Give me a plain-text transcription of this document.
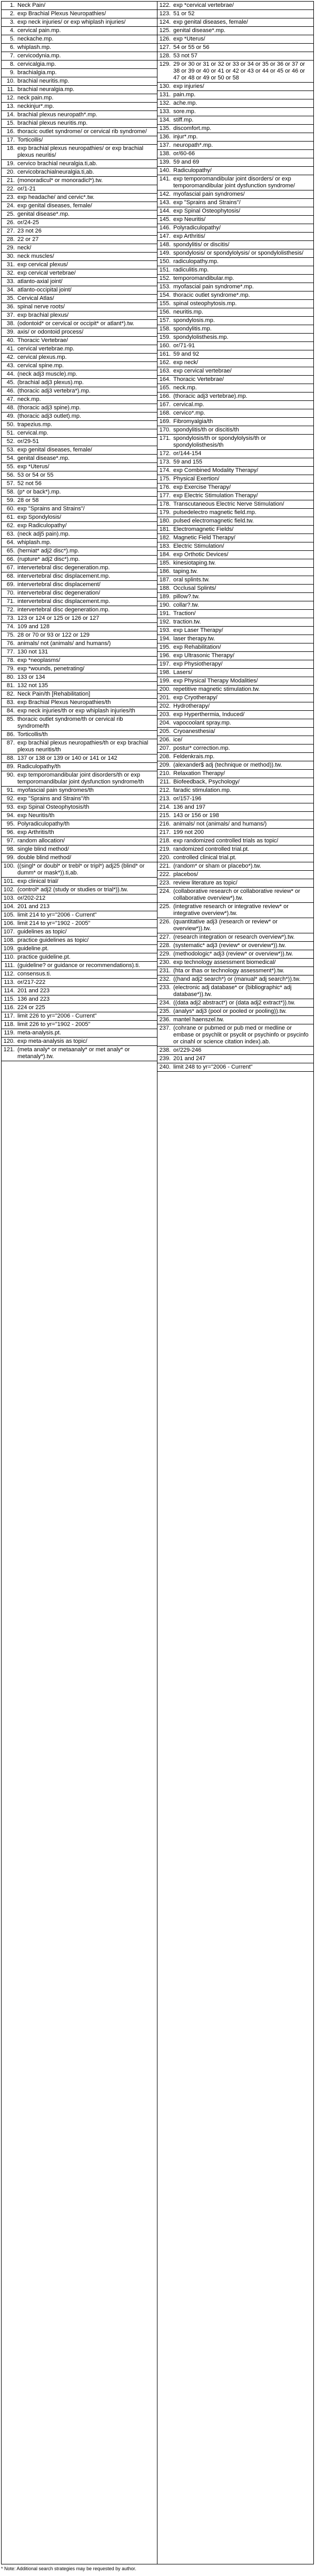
1. Neck Pain/
2. exp Brachial Plexus Neuropathies/
3. exp neck injuries/ or exp whiplash injuries/
4. cervical pain.mp.
5. neckache.mp.
6. whiplash.mp.
7. cervicodynia.mp.
8. cervicalgia.mp.
9. brachialgia.mp.
10. brachial neuritis.mp.
11. brachial neuralgia.mp.
12. neck pain.mp.
13. neckinjur*.mp.
14. brachial plexus neuropath*.mp.
15. brachial plexus neuritis.mp.
16. thoracic outlet syndrome/ or cervical rib syndrome/
17. Torticollis/
18. exp brachial plexus neuropathies/ or exp brachial plexus neuritis/
19. cervico brachial neuralgia.ti,ab.
20. cervicobrachialneuralgia.ti,ab.
21. (monoradicul* or monoradicl*).tw.
22. or/1-21
23. exp headache/ and cervic*.tw.
24. exp genital diseases, female/
25. genital disease*.mp.
26. or/24-25
27. 23 not 26
28. 22 or 27
29. neck/
30. neck muscles/
31. exp cervical plexus/
32. exp cervical vertebrae/
33. atlanto-axial joint/
34. atlanto-occipital joint/
35. Cervical Atlas/
36. spinal nerve roots/
37. exp brachial plexus/
38. (odontoid* or cervical or occipit* or atlant*).tw.
39. axis/ or odontoid process/
40. Thoracic Vertebrae/
41. cervical vertebrae.mp.
42. cervical plexus.mp.
43. cervical spine.mp.
44. (neck adj3 muscle).mp.
45. (brachial adj3 plexus).mp.
46. (thoracic adj3 vertebra*).mp.
47. neck.mp.
48. (thoracic adj3 spine).mp.
49. (thoracic adj3 outlet).mp.
50. trapezius.mp.
51. cervical.mp.
52. or/29-51
53. exp genital diseases, female/
54. genital disease*.mp.
55. exp *Uterus/
56. 53 or 54 or 55
57. 52 not 56
58. (p* or back*).mp.
59. 28 or 58
60. exp "Sprains and Strains"/
61. exp Spondylosis/
62. exp Radiculopathy/
63. (neck adj5 pain).mp.
64. whiplash.mp.
65. (herniat* adj2 disc*).mp.
66. (rupture* adj2 disc*).mp.
67. intervertebral disc degeneration.mp.
68. intervertebral disc displacement.mp.
69. intervertebral disc displacement/
70. intervertebral disc degeneration/
71. intervertebral disc displacement.mp.
72. intervertebral disc degeneration.mp.
73. 123 or 124 or 125 or 126 or 127
74. 109 and 128
75. 28 or 70 or 93 or 122 or 129
76. animals/ not (animals/ and humans/)
77. 130 not 131
78. exp *neoplasms/
79. exp *wounds, penetrating/
80. 133 or 134
81. 132 not 135
82. Neck Pain/th [Rehabilitation]
83. exp Brachial Plexus Neuropathies/th
84. exp neck injuries/th or exp whiplash injuries/th
85. thoracic outlet syndrome/th or cervical rib syndrome/th
86. Torticollis/th
87. exp brachial plexus neuropathies/th or exp brachial plexus neuritis/th
88. 137 or 138 or 139 or 140 or 141 or 142
89. Radiculopathy/th
90. exp temporomandibular joint disorders/th or exp temporomandibular joint dysfunction syndrome/th
91. myofascial pain syndromes/th
92. exp "Sprains and Strains"/th
93. exp Spinal Osteophytosis/th
94. exp Neuritis/th
95. Polyradiculopathy/th
96. exp Arthritis/th
97. random allocation/
98. single blind method/
99. double blind method/
100. ((singl* or doubl* or trebl* or tripl*) adj25 (blind* or dumm* or mask*)).ti,ab.
101. exp clinical trial/
102. (control* adj2 (study or studies or trial*)).tw.
103. or/202-212
104. 201 and 213
105. limit 214 to yr="2006 - Current"
106. limit 214 to yr="1902 - 2005"
107. guidelines as topic/
108. practice guidelines as topic/
109. guideline.pt.
110. practice guideline.pt.
111. (guideline? or guidance or recommendations).ti.
112. consensus.ti.
113. or/217-222
114. 201 and 223
115. 136 and 223
116. 224 or 225
117. limit 226 to yr="2006 - Current"
118. limit 226 to yr="1902 - 2005"
119. meta-analysis.pt.
120. exp meta-analysis as topic/
121. (meta analy* or metaanaly* or met analy* or metanaly*).tw.
122. exp *cervical vertebrae/
123. 51 or 52
124. exp genital diseases, female/
125. genital disease*.mp.
126. exp *Uterus/
127. 54 or 55 or 56
128. 53 not 57
129. 29 or 30 or 31 or 32 or 33 or 34 or 35 or 36 or 37 or 38 or 39 or 40 or 41 or 42 or 43 or 44 or 45 or 46 or 47 or 48 or 49 or 50 or 58
130. exp injuries/
131. pain.mp.
132. ache.mp.
133. sore.mp.
134. stiff.mp.
135. discomfort.mp.
136. injur*.mp.
137. neuropath*.mp.
138. or/60-66
139. 59 and 69
140. Radiculopathy/
141. exp temporomandibular joint disorders/ or exp temporomandibular joint dysfunction syndrome/
142. myofascial pain syndromes/
143. exp "Sprains and Strains"/
144. exp Spinal Osteophytosis/
145. exp Neuritis/
146. Polyradiculopathy/
147. exp Arthritis/
148. spondylitis/ or discitis/
149. spondylosis/ or spondylolysis/ or spondylolisthesis/
150. radiculopathy.mp.
151. radiculitis.mp.
152. temporomandibular.mp.
153. myofascial pain syndrome*.mp.
154. thoracic outlet syndrome*.mp.
155. spinal osteophytosis.mp.
156. neuritis.mp.
157. spondylosis.mp.
158. spondylitis.mp.
159. spondylolisthesis.mp.
160. or/71-91
161. 59 and 92
162. exp neck/
163. exp cervical vertebrae/
164. Thoracic Vertebrae/
165. neck.mp.
166. (thoracic adj3 vertebrae).mp.
167. cervical.mp.
168. cervico*.mp.
169. Fibromyalgia/th
170. spondylitis/th or discitis/th
171. spondylosis/th or spondylolysis/th or spondylolisthesis/th
172. or/144-154
173. 59 and 155
174. exp Combined Modality Therapy/
175. Physical Exertion/
176. exp Exercise Therapy/
177. exp Electric Stimulation Therapy/
178. Transcutaneous Electric Nerve Stimulation/
179. pulsedelectro magnetic field.mp.
180. pulsed electromagnetic field.tw.
181. Electromagnetic Fields/
182. Magnetic Field Therapy/
183. Electric Stimulation/
184. exp Orthotic Devices/
185. kinesiotaping.tw.
186. taping.tw.
187. oral splints.tw.
188. Occlusal Splints/
189. pillow?.tw.
190. collar?.tw.
191. Traction/
192. traction.tw.
193. exp Laser Therapy/
194. laser therapy.tw.
195. exp Rehabilitation/
196. exp Ultrasonic Therapy/
197. exp Physiotherapy/
198. Lasers/
199. exp Physical Therapy Modalities/
200. repetitive magnetic stimulation.tw.
201. exp Cryotherapy/
202. Hydrotherapy/
203. exp Hyperthermia, Induced/
204. vapocoolant spray.mp.
205. Cryoanesthesia/
206. ice/
207. postur* correction.mp.
208. Feldenkrais.mp.
209. (alexander$ adj (technique or method)).tw.
210. Relaxation Therapy/
211. Biofeedback, Psychology/
212. faradic stimulation.mp.
213. or/157-196
214. 136 and 197
215. 143 or 156 or 198
216. animals/ not (animals/ and humans/)
217. 199 not 200
218. exp randomized controlled trials as topic/
219. randomized controlled trial.pt.
220. controlled clinical trial.pt.
221. (random* or sham or placebo*).tw.
222. placebos/
223. review literature as topic/
224. (collaborative research or collaborative review* or collaborative overview*).tw.
225. (integrative research or integrative review* or integrative overview*).tw.
226. (quantitative adj3 (research or review* or overview*)).tw.
227. (research integration or research overview*).tw.
228. (systematic* adj3 (review* or overview*)).tw.
229. (methodologic* adj3 (review* or overview*)).tw.
230. exp technology assessment biomedical/
231. (hta or thas or technology assessment*).tw.
232. ((hand adj2 search*) or (manual* adj search*)).tw.
233. (electronic adj database* or (bibliographic* adj database*)).tw.
234. ((data adj2 abstract*) or (data adj2 extract*)).tw.
235. (analys* adj3 (pool or pooled or pooling)).tw.
236. mantel haenszel.tw.
237. (cohrane or pubmed or pub med or medline or embase or psychlit or psyclit or psychinfo or psycinfo or cinahl or science citation index).ab.
238. or/229-246
239. 201 and 247
240. limit 248 to yr="2006 - Current"
* Note: Additional search strategies may be requested by author.
